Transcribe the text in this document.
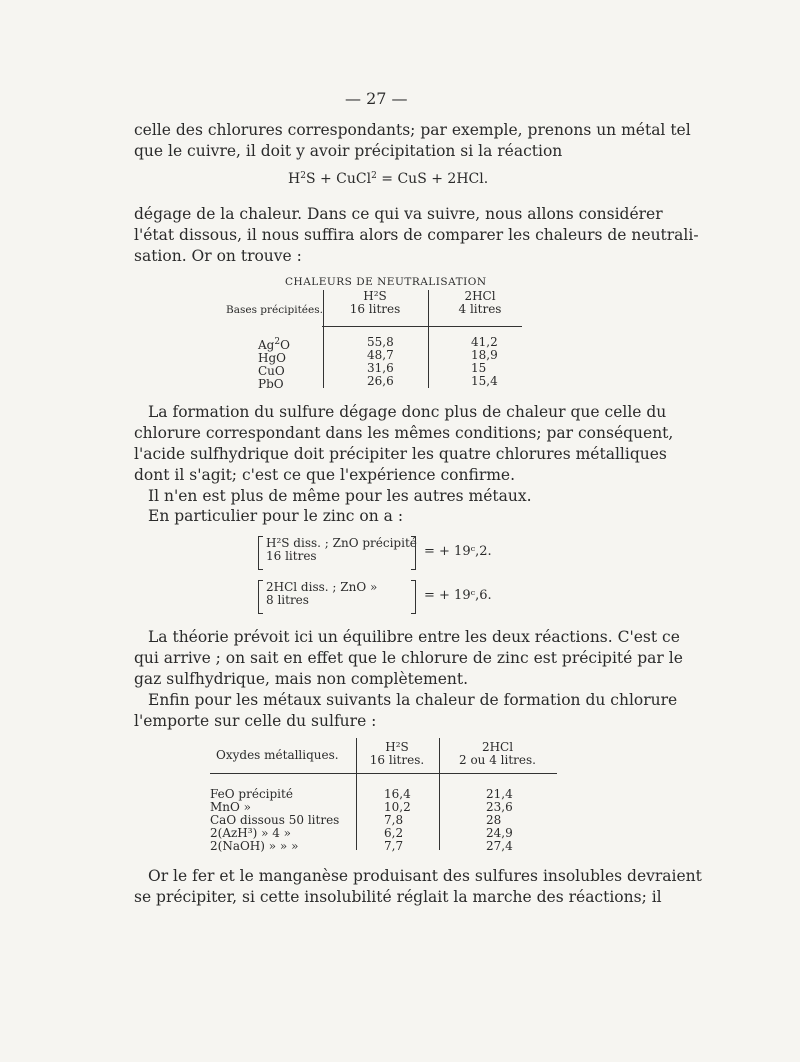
— 27 —
celle des chlorures correspondants; par exemple, prenons un métal tel
que le cuivre, il doit y avoir précipitation si la réaction
$H^2S$ + CuCl$^2$ = CuS + 2HCl.
dégage de la chaleur. Dans ce qui va suivre, nous allons considérer
l'état dissous, il nous suffira alors de comparer les chaleurs de neutrali-
sation. Or on trouve :
CHALEURS DE NEUTRALISATION
Bases précipitées.
H²S
16 litres
2HCl
4 litres
Ag$^2$O
HgO
CuO
PbO
55,8
48,7
31,6
26,6
41,2
18,9
15
15,4
La formation du sulfure dégage donc plus de chaleur que celle du
chlorure correspondant dans les mêmes conditions; par conséquent,
l'acide sulfhydrique doit précipiter les quatre chlorures métalliques
dont il s'agit; c'est ce que l'expérience confirme.
Il n'en est plus de même pour les autres métaux.
En particulier pour le zinc on a :
H²S diss. ; ZnO précipité
16 litres	= + 19ᶜ,2.
2HCl diss. ; ZnO »
8 litres	= + 19ᶜ,6.
La théorie prévoit ici un équilibre entre les deux réactions. C'est ce
qui arrive ; on sait en effet que le chlorure de zinc est précipité par le
gaz sulfhydrique, mais non complètement.
Enfin pour les métaux suivants la chaleur de formation du chlorure
l'emporte sur celle du sulfure :
Oxydes métalliques.
H²S
16 litres.
2HCl
2 ou 4 litres.
FeO précipité
MnO »
CaO dissous 50 litres
2(AzH³) » 4 »
2(NaOH) » » »
16,4
10,2
7,8
6,2
7,7
21,4
23,6
28
24,9
27,4
Or le fer et le manganèse produisant des sulfures insolubles devraient
se précipiter, si cette insolubilité réglait la marche des réactions; il
